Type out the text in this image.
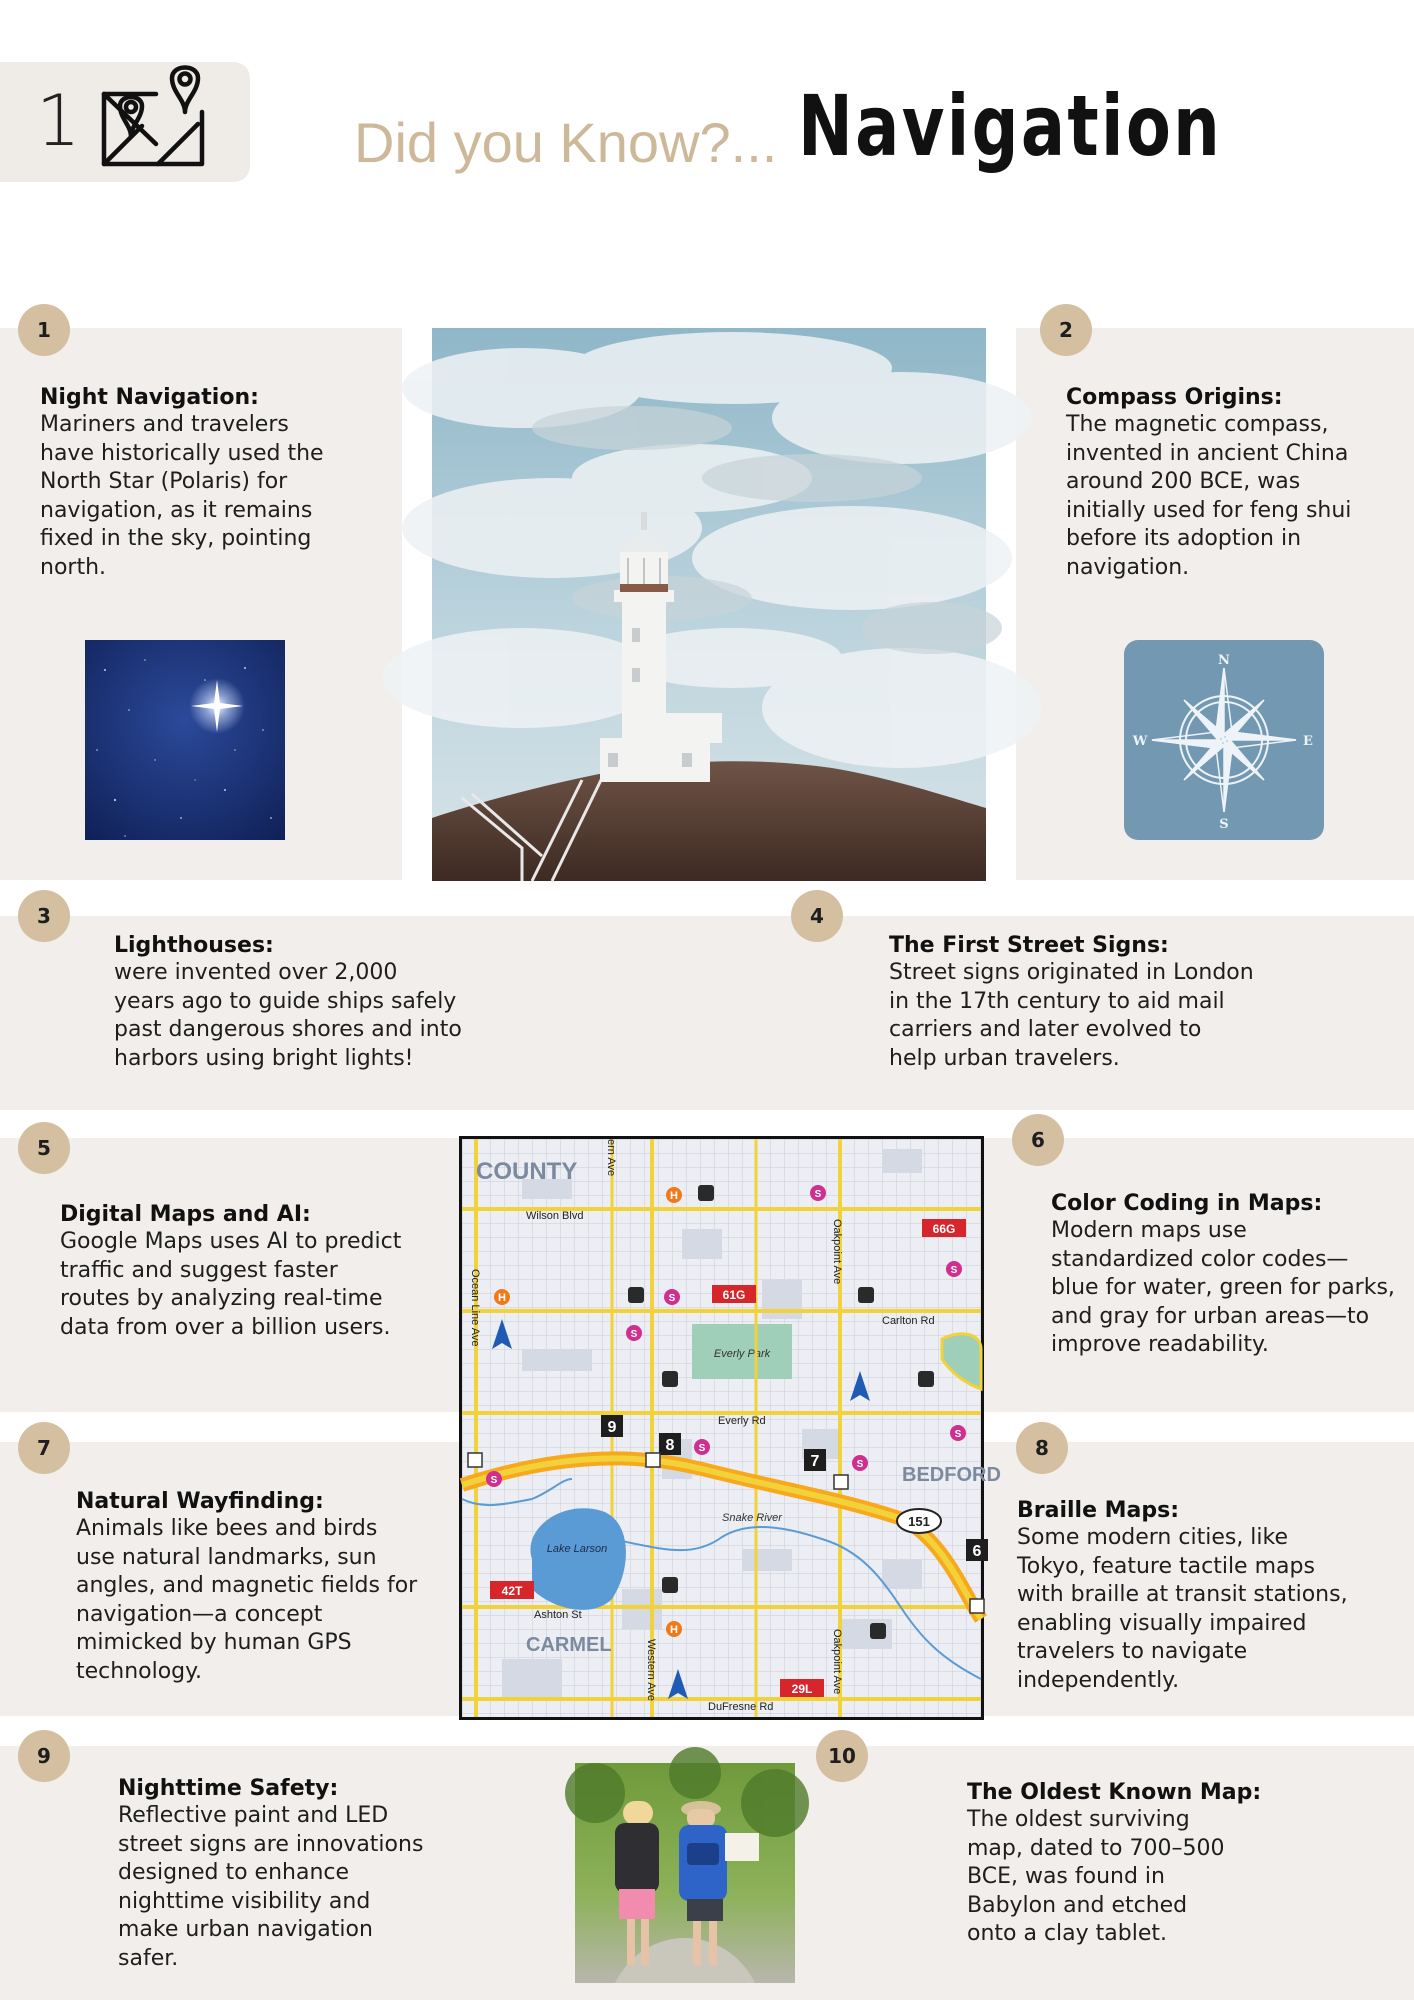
1	Did you Know?... Navigation
1
Night Navigation:
Mariners and travelers
have historically used the
North Star (Polaris) for
navigation, as it remains
fixed in the sky, pointing
north.
2
Compass Origins:
The magnetic compass,
invented in ancient China
around 200 BCE, was
initially used for feng shui
before its adoption in
navigation.
N
S
E
W
3
Lighthouses:
were invented over 2,000
years ago to guide ships safely
past dangerous shores and into
harbors using bright lights!
4
The First Street Signs:
Street signs originated in London
in the 17th century to aid mail
carriers and later evolved to
help urban travelers.
5
Digital Maps and AI:
Google Maps uses AI to predict
traffic and suggest faster
routes by analyzing real-time
data from over a billion users.
6
Color Coding in Maps:
Modern maps use
standardized color codes—
blue for water, green for parks,
and gray for urban areas—to
improve readability.
7
Natural Wayfinding:
Animals like bees and birds
use natural landmarks, sun
angles, and magnetic fields for
navigation—a concept
mimicked by human GPS
technology.
8
Braille Maps:
Some modern cities, like
Tokyo, feature tactile maps
with braille at transit stations,
enabling visually impaired
travelers to navigate
independently.
Everly Park
Lake Larson
Snake River
COUNTY
CARMEL
BEDFORD
Wilson Blvd
Carlton Rd
Everly Rd
Ashton St
DuFresne Rd
Ocean Line Ave
Oakpoint Ave
Oakpoint Ave
Western Ave
ern Ave
66G
61G
42T
29L
151
9
8
7
6
H
H
H
S
S
S
S
S
S
S
S
9
Nighttime Safety:
Reflective paint and LED
street signs are innovations
designed to enhance
nighttime visibility and
make urban navigation
safer.
10
The Oldest Known Map:
The oldest surviving
map, dated to 700–500
BCE, was found in
Babylon and etched
onto a clay tablet.
